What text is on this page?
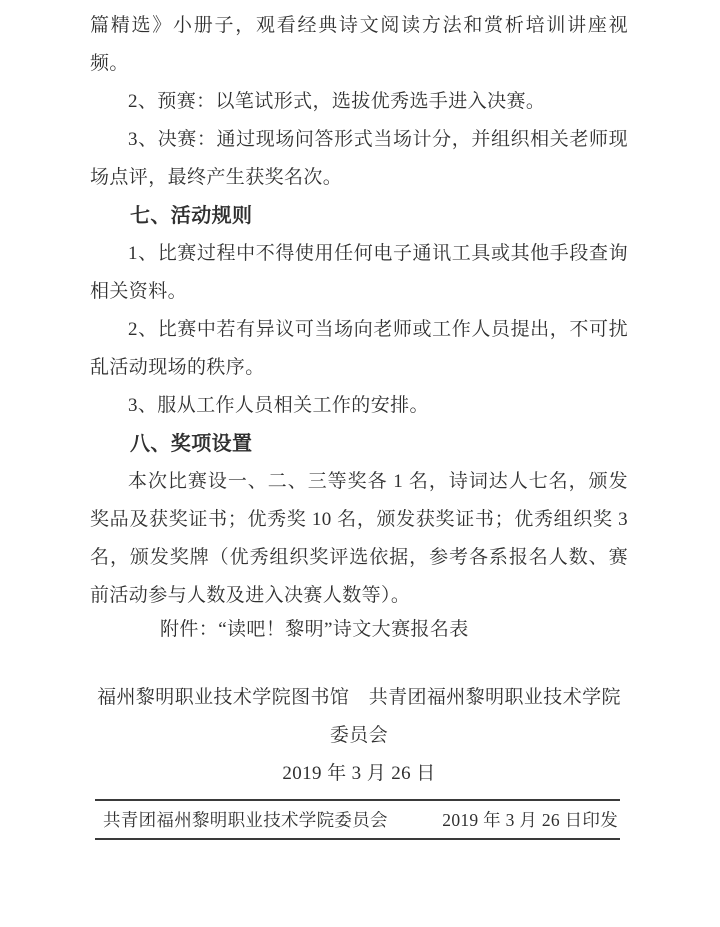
篇精选》小册子，观看经典诗文阅读方法和赏析培训讲座视频。

2、预赛：以笔试形式，选拔优秀选手进入决赛。

3、决赛：通过现场问答形式当场计分，并组织相关老师现场点评，最终产生获奖名次。

七、活动规则

1、比赛过程中不得使用任何电子通讯工具或其他手段查询相关资料。

2、比赛中若有异议可当场向老师或工作人员提出，不可扰乱活动现场的秩序。

3、服从工作人员相关工作的安排。

八、奖项设置

本次比赛设一、二、三等奖各 1 名，诗词达人七名，颁发奖品及获奖证书；优秀奖 10 名，颁发获奖证书；优秀组织奖 3 名，颁发奖牌（优秀组织奖评选依据，参考各系报名人数、赛前活动参与人数及进入决赛人数等）。

附件：“读吧！黎明”诗文大赛报名表

福州黎明职业技术学院图书馆　共青团福州黎明职业技术学院委员会

2019 年 3 月 26 日

共青团福州黎明职业技术学院委员会	2019 年 3 月 26 日印发
